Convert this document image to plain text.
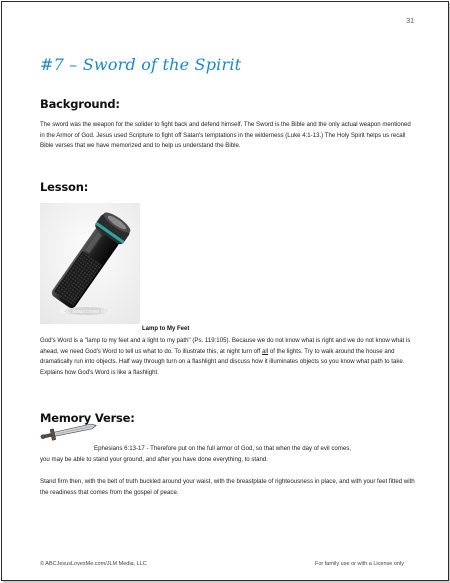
31
#7 – Sword of the Spirit
Background:

The sword was the weapon for the solider to fight back and defend himself. The Sword is the Bible and the only actual weapon mentioned in the Armor of God. Jesus used Scripture to fight off Satan's temptations in the wilderness (Luke 4:1-13.) The Holy Spirit helps us recall Bible verses that we have memorized and to help us understand the Bible.

Lesson:
ABC Jesus Loves Me

Lamp to My Feet

God's Word is a "lamp to my feet and a light to my path" (Ps. 119:105). Because we do not know what is right and we do not know what is ahead, we need God's Word to tell us what to do. To illustrate this, at night turn off all of the lights. Try to walk around the house and dramatically run into objects. Half way through turn on a flashlight and discuss how it illuminates objects so you know what path to take. Explains how God's Word is like a flashlight.

Memory Verse:

Ephesians 6:13-17 - Therefore put on the full armor of God, so that when the day of evil comes,

you may be able to stand your ground, and after you have done everything, to stand.

Stand firm then, with the belt of truth buckled around your waist, with the breastplate of righteousness in place, and with your feet fitted with the readiness that comes from the gospel of peace.

© ABCJesusLovesMe.com/JLM Media, LLC	For family use or with a License only
